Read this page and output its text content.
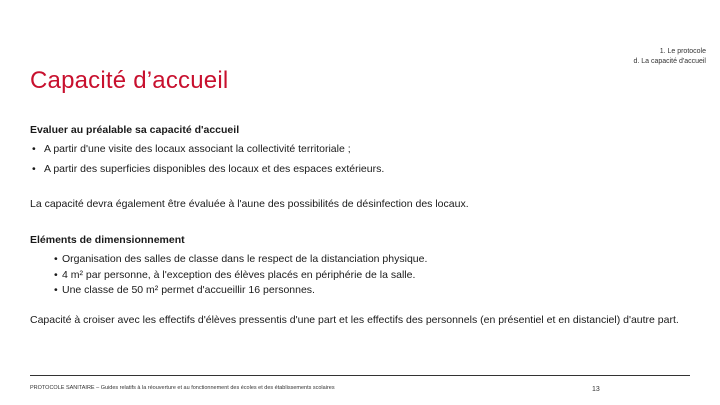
1. Le protocole
d. La capacité d'accueil
Capacité d’accueil
Evaluer au préalable sa capacité d'accueil
• A partir d'une visite des locaux associant la collectivité territoriale ;
• A partir des superficies disponibles des locaux et des espaces extérieurs.

La capacité devra également être évaluée à l'aune des possibilités de désinfection des locaux.

Eléments de dimensionnement
• Organisation des salles de classe dans le respect de la distanciation physique.
• 4 m² par personne, à l'exception des élèves placés en périphérie de la salle.
• Une classe de 50 m² permet d'accueillir 16 personnes.

Capacité à croiser avec les effectifs d'élèves pressentis d'une part et les effectifs des personnels (en présentiel et en distanciel) d'autre part.

PROTOCOLE SANITAIRE – Guides relatifs à la réouverture et au fonctionnement des écoles et des établissements scolaires	13
